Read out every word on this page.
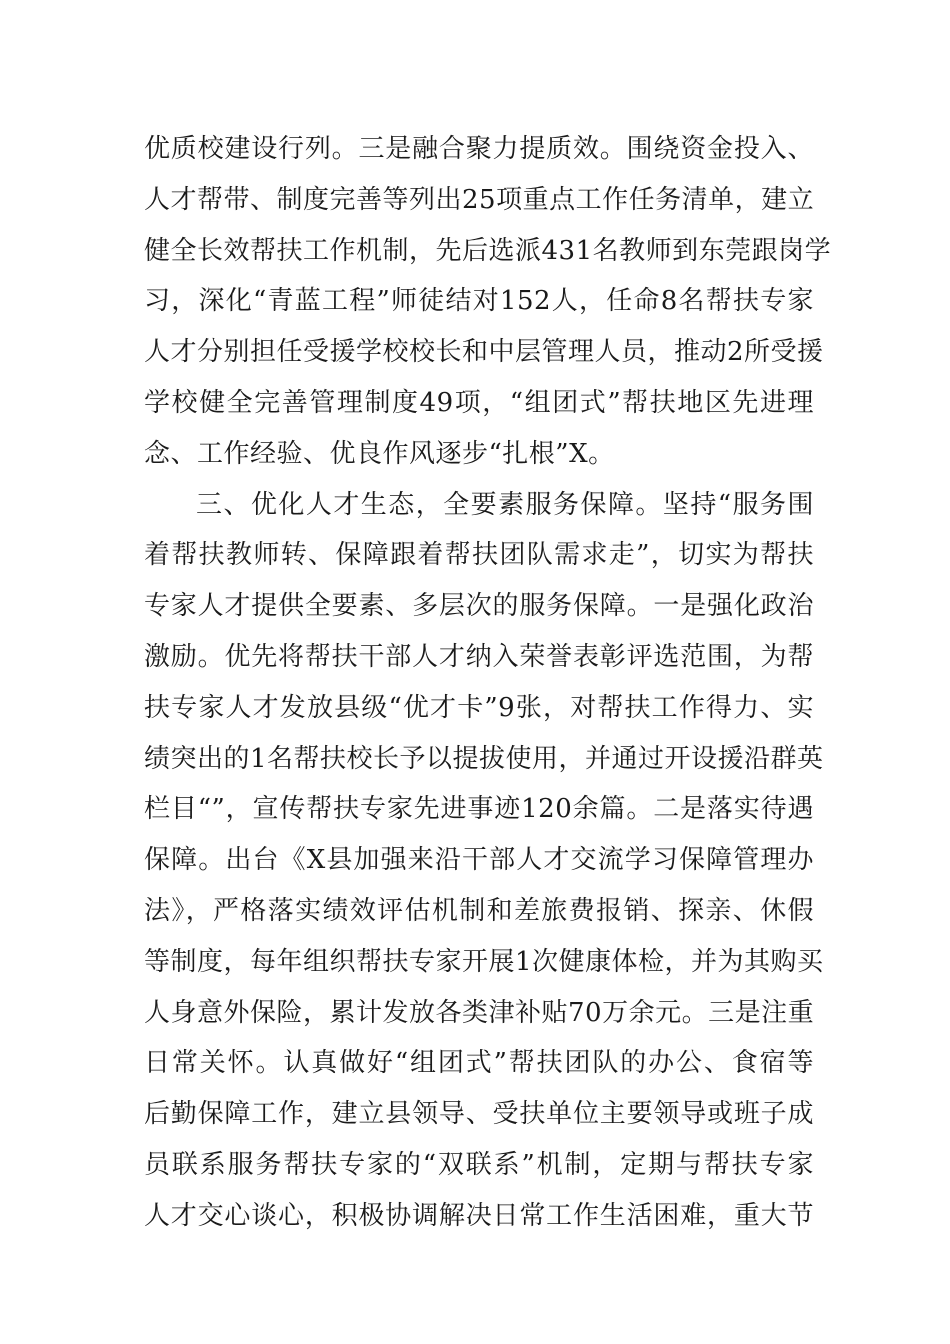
优质校建设行列。三是融合聚力提质效。围绕资金投入、
人才帮带、制度完善等列出25项重点工作任务清单，建立
健全长效帮扶工作机制，先后选派431名教师到东莞跟岗学
习，深化“青蓝工程”师徒结对152人，任命8名帮扶专家
人才分别担任受援学校校长和中层管理人员，推动2所受援
学校健全完善管理制度49项，“组团式”帮扶地区先进理
念、工作经验、优良作风逐步“扎根”X。
三、优化人才生态，全要素服务保障。坚持“服务围
着帮扶教师转、保障跟着帮扶团队需求走”，切实为帮扶
专家人才提供全要素、多层次的服务保障。一是强化政治
激励。优先将帮扶干部人才纳入荣誉表彰评选范围，为帮
扶专家人才发放县级“优才卡”9张，对帮扶工作得力、实
绩突出的1名帮扶校长予以提拔使用，并通过开设援沿群英
栏目“”，宣传帮扶专家先进事迹120余篇。二是落实待遇
保障。出台《X县加强来沿干部人才交流学习保障管理办
法》，严格落实绩效评估机制和差旅费报销、探亲、休假
等制度，每年组织帮扶专家开展1次健康体检，并为其购买
人身意外保险，累计发放各类津补贴70万余元。三是注重
日常关怀。认真做好“组团式”帮扶团队的办公、食宿等
后勤保障工作，建立县领导、受扶单位主要领导或班子成
员联系服务帮扶专家的“双联系”机制，定期与帮扶专家
人才交心谈心，积极协调解决日常工作生活困难，重大节
